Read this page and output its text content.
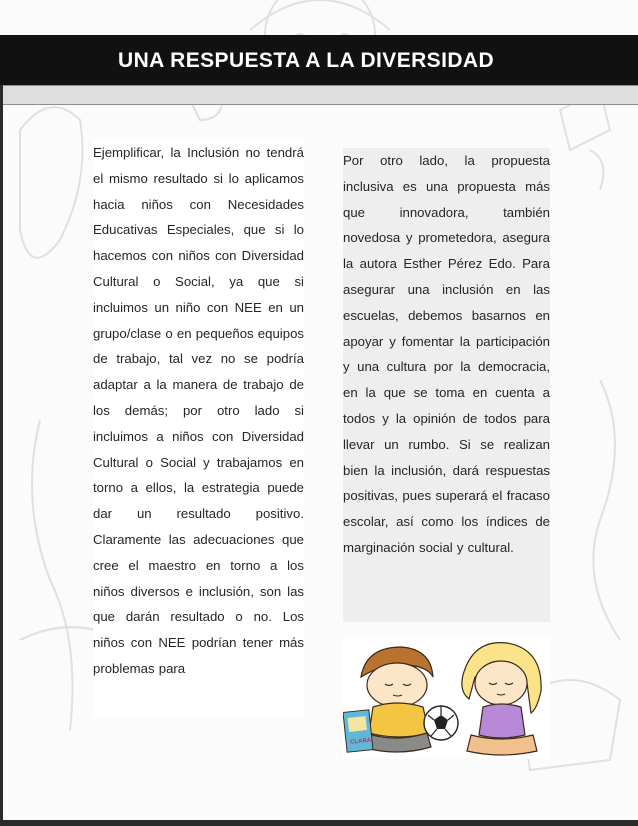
UNA RESPUESTA A LA DIVERSIDAD

Ejemplificar, la Inclusión no tendrá el mismo resultado si lo aplicamos hacia niños con Necesidades Educativas Especiales, que si lo hacemos con niños con Diversidad Cultural o Social, ya que si incluimos un niño con NEE en un grupo/clase o en pequeños equipos de trabajo, tal vez no se podría adaptar a la manera de trabajo de los demás; por otro lado si incluimos a niños con Diversidad Cultural o Social y trabajamos en torno a ellos, la estrategia puede dar un resultado positivo. Claramente las adecuaciones que cree el maestro en torno a los niños diversos e inclusión, son las que darán resultado o no. Los niños con NEE podrían tener más problemas para

Por otro lado, la propuesta inclusiva es una propuesta más que innovadora, también novedosa y prometedora, asegura la autora Esther Pérez Edo. Para asegurar una inclusión en las escuelas, debemos basarnos en apoyar y fomentar la participación y una cultura por la democracia, en la que se toma en cuenta a todos y la opinión de todos para llevar un rumbo. Si se realizan bien la inclusión, dará respuestas positivas, pues superará el fracaso escolar, así como los índices de marginación social y cultural.

CLARA
